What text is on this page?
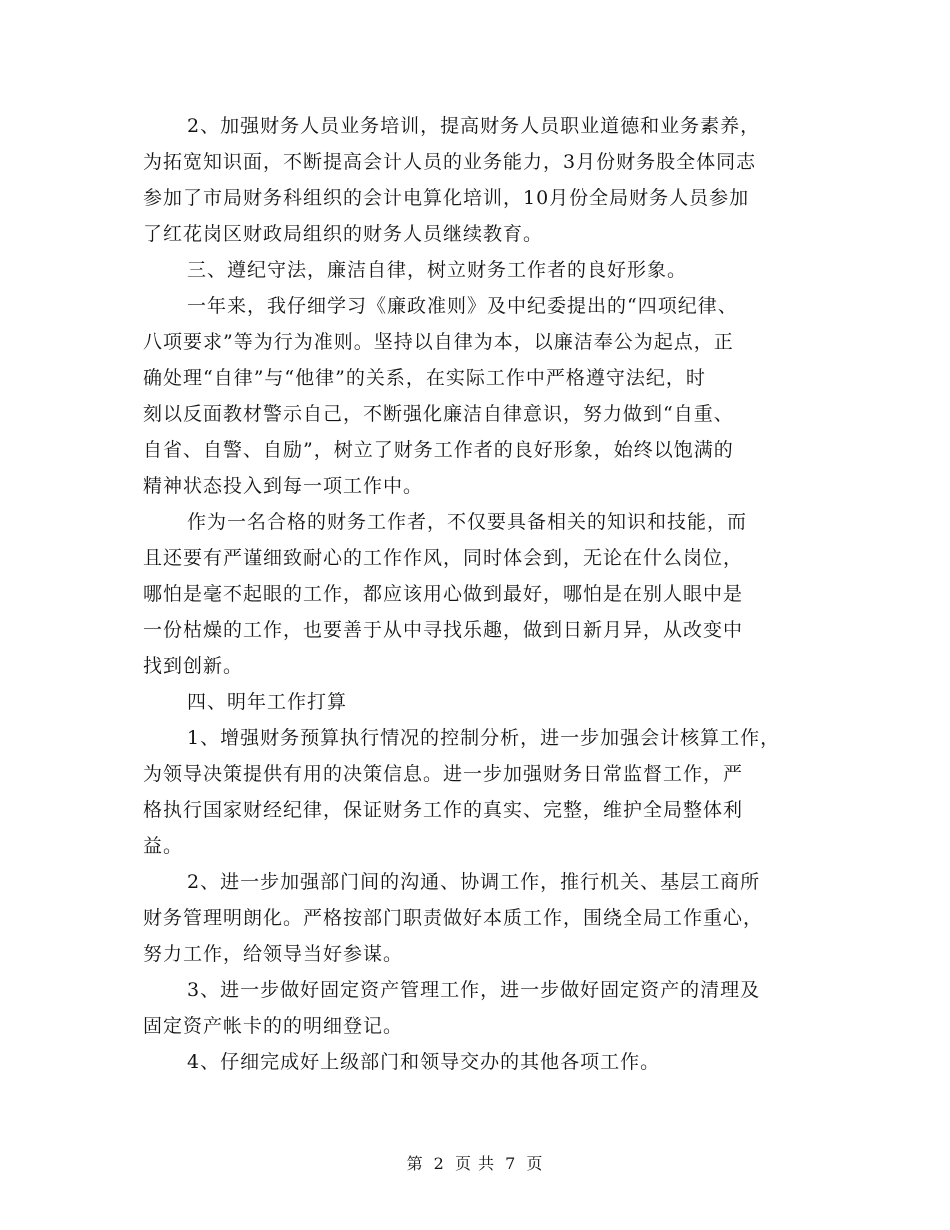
2、加强财务人员业务培训，提高财务人员职业道德和业务素养，
为拓宽知识面，不断提高会计人员的业务能力，3月份财务股全体同志
参加了市局财务科组织的会计电算化培训，10月份全局财务人员参加
了红花岗区财政局组织的财务人员继续教育。
三、遵纪守法，廉洁自律，树立财务工作者的良好形象。
一年来，我仔细学习《廉政准则》及中纪委提出的“四项纪律、
八项要求”等为行为准则。坚持以自律为本，以廉洁奉公为起点，正
确处理“自律”与“他律”的关系，在实际工作中严格遵守法纪，时
刻以反面教材警示自己，不断强化廉洁自律意识，努力做到“自重、
自省、自警、自励”，树立了财务工作者的良好形象，始终以饱满的
精神状态投入到每一项工作中。
作为一名合格的财务工作者，不仅要具备相关的知识和技能，而
且还要有严谨细致耐心的工作作风，同时体会到，无论在什么岗位，
哪怕是毫不起眼的工作，都应该用心做到最好，哪怕是在别人眼中是
一份枯燥的工作，也要善于从中寻找乐趣，做到日新月异，从改变中
找到创新。
四、明年工作打算
1、增强财务预算执行情况的控制分析，进一步加强会计核算工作，
为领导决策提供有用的决策信息。进一步加强财务日常监督工作，严
格执行国家财经纪律，保证财务工作的真实、完整，维护全局整体利
益。
2、进一步加强部门间的沟通、协调工作，推行机关、基层工商所
财务管理明朗化。严格按部门职责做好本质工作，围绕全局工作重心，
努力工作，给领导当好参谋。
3、进一步做好固定资产管理工作，进一步做好固定资产的清理及
固定资产帐卡的的明细登记。
4、仔细完成好上级部门和领导交办的其他各项工作。
第 2 页 共 7 页
